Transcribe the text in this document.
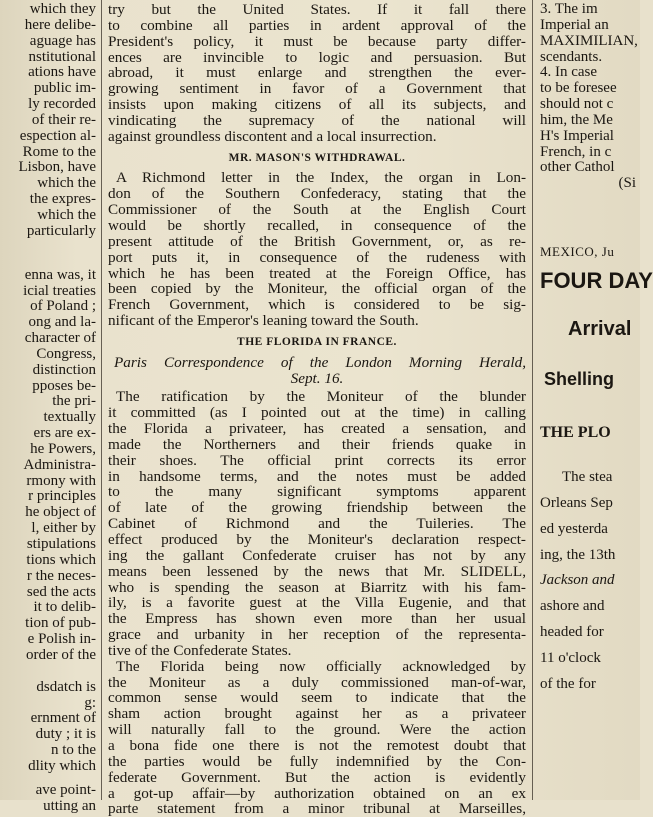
which they
here delibe-
aguage has
nstitutional
ations have
public im-
ly recorded
of their re-
espection al-
Rome to the
Lisbon, have
which the
the expres-
which the
particularly
enna was, it
icial treaties
of Poland ;
ong and la-
character of
Congress,
distinction
pposes be-
the pri-
textually
ers are ex-
he Powers,
Administra-
rmony with
r principles
he object of
l, either by
stipulations
tions which
r the neces-
sed the acts
it to delib-
tion of pub-
e Polish in-
order of the
dsdatch is
g:
ernment of
duty ; it is
n to the
dlity which
ave point-
utting an
try but the United States. If it fall there
to combine all parties in ardent approval of the
President's policy, it must be because party differ-
ences are invincible to logic and persuasion. But
abroad, it must enlarge and strengthen the ever-
growing sentiment in favor of a Government that
insists upon making citizens of all its subjects, and
vindicating the supremacy of the national will
against groundless discontent and a local insurrection.
MR. MASON'S WITHDRAWAL.
A Richmond letter in the Index, the organ in Lon-
don of the Southern Confederacy, stating that the
Commissioner of the South at the English Court
would be shortly recalled, in consequence of the
present attitude of the British Government, or, as re-
port puts it, in consequence of the rudeness with
which he has been treated at the Foreign Office, has
been copied by the Moniteur, the official organ of the
French Government, which is considered to be sig-
nificant of the Emperor's leaning toward the South.
THE FLORIDA IN FRANCE.
Paris Correspondence of the London Morning Herald,
Sept. 16.
The ratification by the Moniteur of the blunder
it committed (as I pointed out at the time) in calling
the Florida a privateer, has created a sensation, and
made the Northerners and their friends quake in
their shoes. The official print corrects its error
in handsome terms, and the notes must be added
to the many significant symptoms apparent
of late of the growing friendship between the
Cabinet of Richmond and the Tuileries. The
effect produced by the Moniteur's declaration respect-
ing the gallant Confederate cruiser has not by any
means been lessened by the news that Mr. SLIDELL,
who is spending the season at Biarritz with his fam-
ily, is a favorite guest at the Villa Eugenie, and that
the Empress has shown even more than her usual
grace and urbanity in her reception of the representa-
tive of the Confederate States.
The Florida being now officially acknowledged by
the Moniteur as a duly commissioned man-of-war,
common sense would seem to indicate that the
sham action brought against her as a privateer
will naturally fall to the ground. Were the action
a bona fide one there is not the remotest doubt that
the parties would be fully indemnified by the Con-
federate Government. But the action is evidently
a got-up affair—by authorization obtained on an ex
parte statement from a minor tribunal at Marseilles,
3. The im
Imperial an
MAXIMILIAN,
scendants.
4. In case
to be foresee
should not c
him, the Me
H's Imperial
French, in c
other Cathol
(Si
MEXICO, Ju
FOUR DAY
Arrival
Shelling
THE PLO
The stea
Orleans Sep
ed yesterda
ing, the 13th
Jackson and
ashore and
headed for
11 o'clock
of the for
